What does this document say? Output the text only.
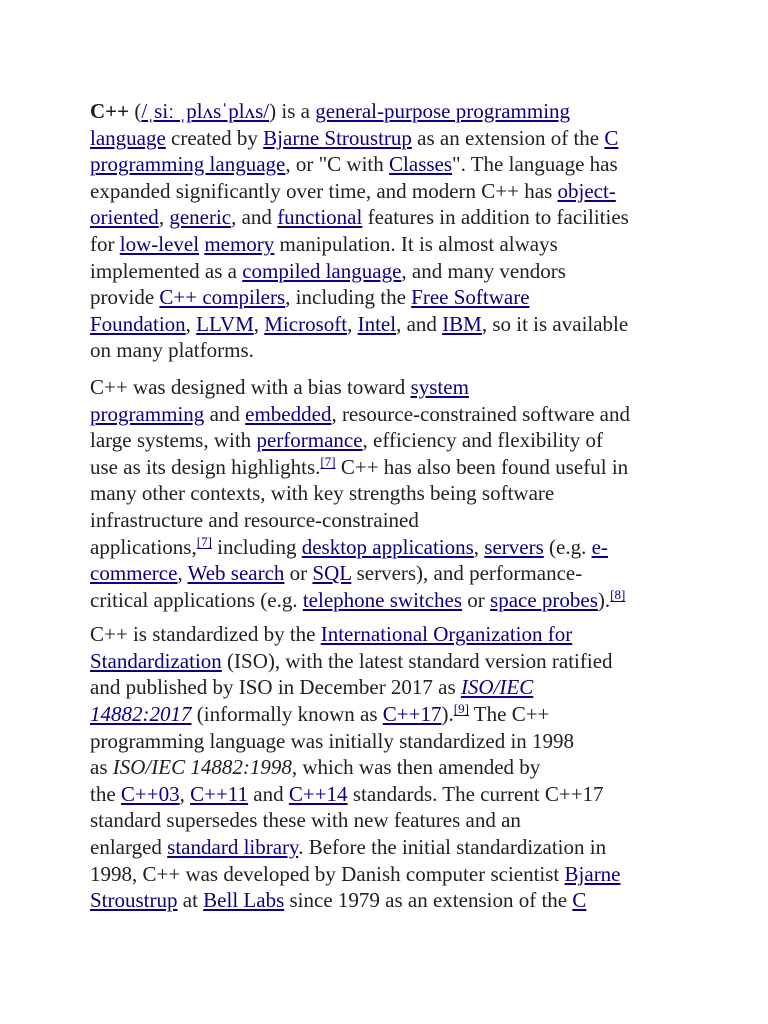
C++ (/ˌsiː ˌplʌsˈplʌs/) is a general-purpose programming
language created by Bjarne Stroustrup as an extension of the C
programming language, or "C with Classes". The language has
expanded significantly over time, and modern C++ has object-
oriented, generic, and functional features in addition to facilities
for low-level memory manipulation. It is almost always
implemented as a compiled language, and many vendors
provide C++ compilers, including the Free Software
Foundation, LLVM, Microsoft, Intel, and IBM, so it is available
on many platforms.

C++ was designed with a bias toward system
programming and embedded, resource-constrained software and
large systems, with performance, efficiency and flexibility of
use as its design highlights.[7] C++ has also been found useful in
many other contexts, with key strengths being software
infrastructure and resource-constrained
applications,[7] including desktop applications, servers (e.g. e-
commerce, Web search or SQL servers), and performance-
critical applications (e.g. telephone switches or space probes).[8]

C++ is standardized by the International Organization for
Standardization (ISO), with the latest standard version ratified
and published by ISO in December 2017 as ISO/IEC
14882:2017 (informally known as C++17).[9] The C++
programming language was initially standardized in 1998
as ISO/IEC 14882:1998, which was then amended by
the C++03, C++11 and C++14 standards. The current C++17
standard supersedes these with new features and an
enlarged standard library. Before the initial standardization in
1998, C++ was developed by Danish computer scientist Bjarne
Stroustrup at Bell Labs since 1979 as an extension of the C
